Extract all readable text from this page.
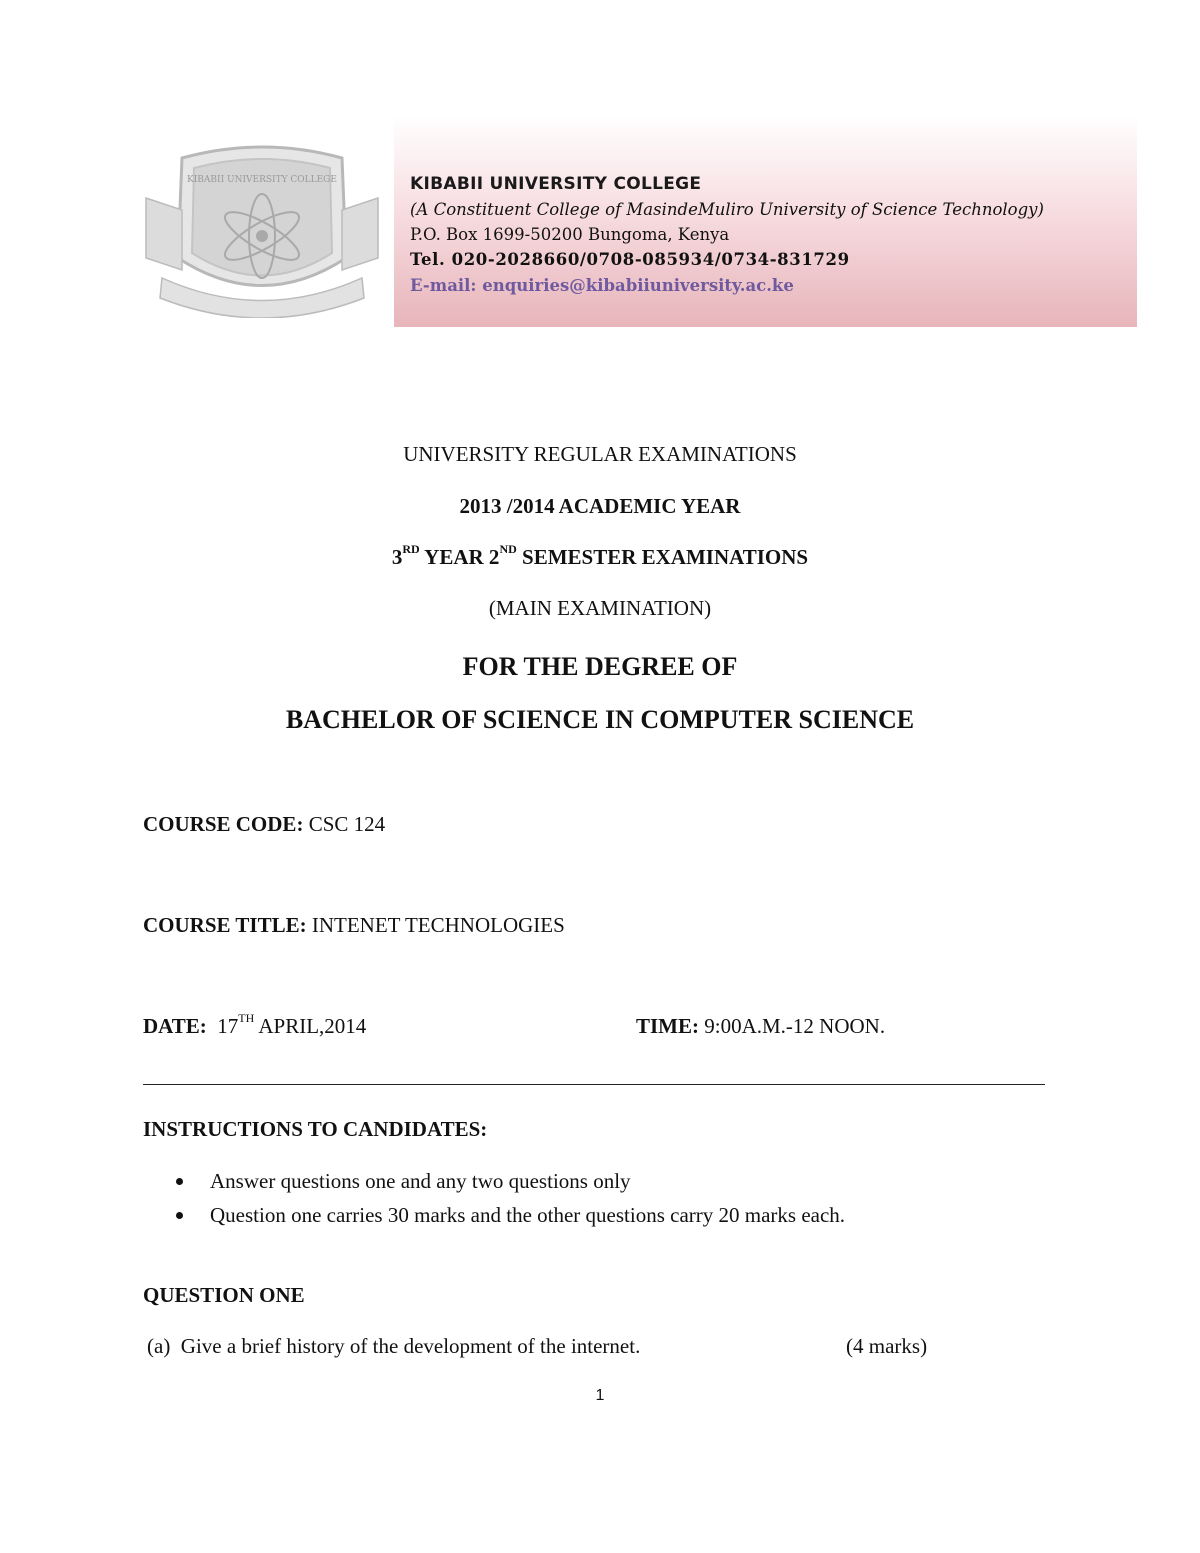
KIBABII UNIVERSITY COLLEGE	KIBABII UNIVERSITY COLLEGE
(A Constituent College of MasindeMuliro University of Science Technology)
P.O. Box 1699-50200 Bungoma, Kenya
Tel. 020-2028660/0708-085934/0734-831729
E-mail: enquiries@kibabiiuniversity.ac.ke
UNIVERSITY REGULAR EXAMINATIONS
2013 /2014 ACADEMIC YEAR
3RD YEAR 2ND SEMESTER EXAMINATIONS
(MAIN EXAMINATION)
FOR THE DEGREE OF
BACHELOR OF SCIENCE IN COMPUTER SCIENCE
COURSE CODE: CSC 124
COURSE TITLE: INTENET TECHNOLOGIES
DATE:  17TH APRIL,2014	TIME: 9:00A.M.-12 NOON.
INSTRUCTIONS TO CANDIDATES:
Answer questions one and any two questions only
Question one carries 30 marks and the other questions carry 20 marks each.
QUESTION ONE
(a)  Give a brief history of the development of the internet.	(4 marks)
1
